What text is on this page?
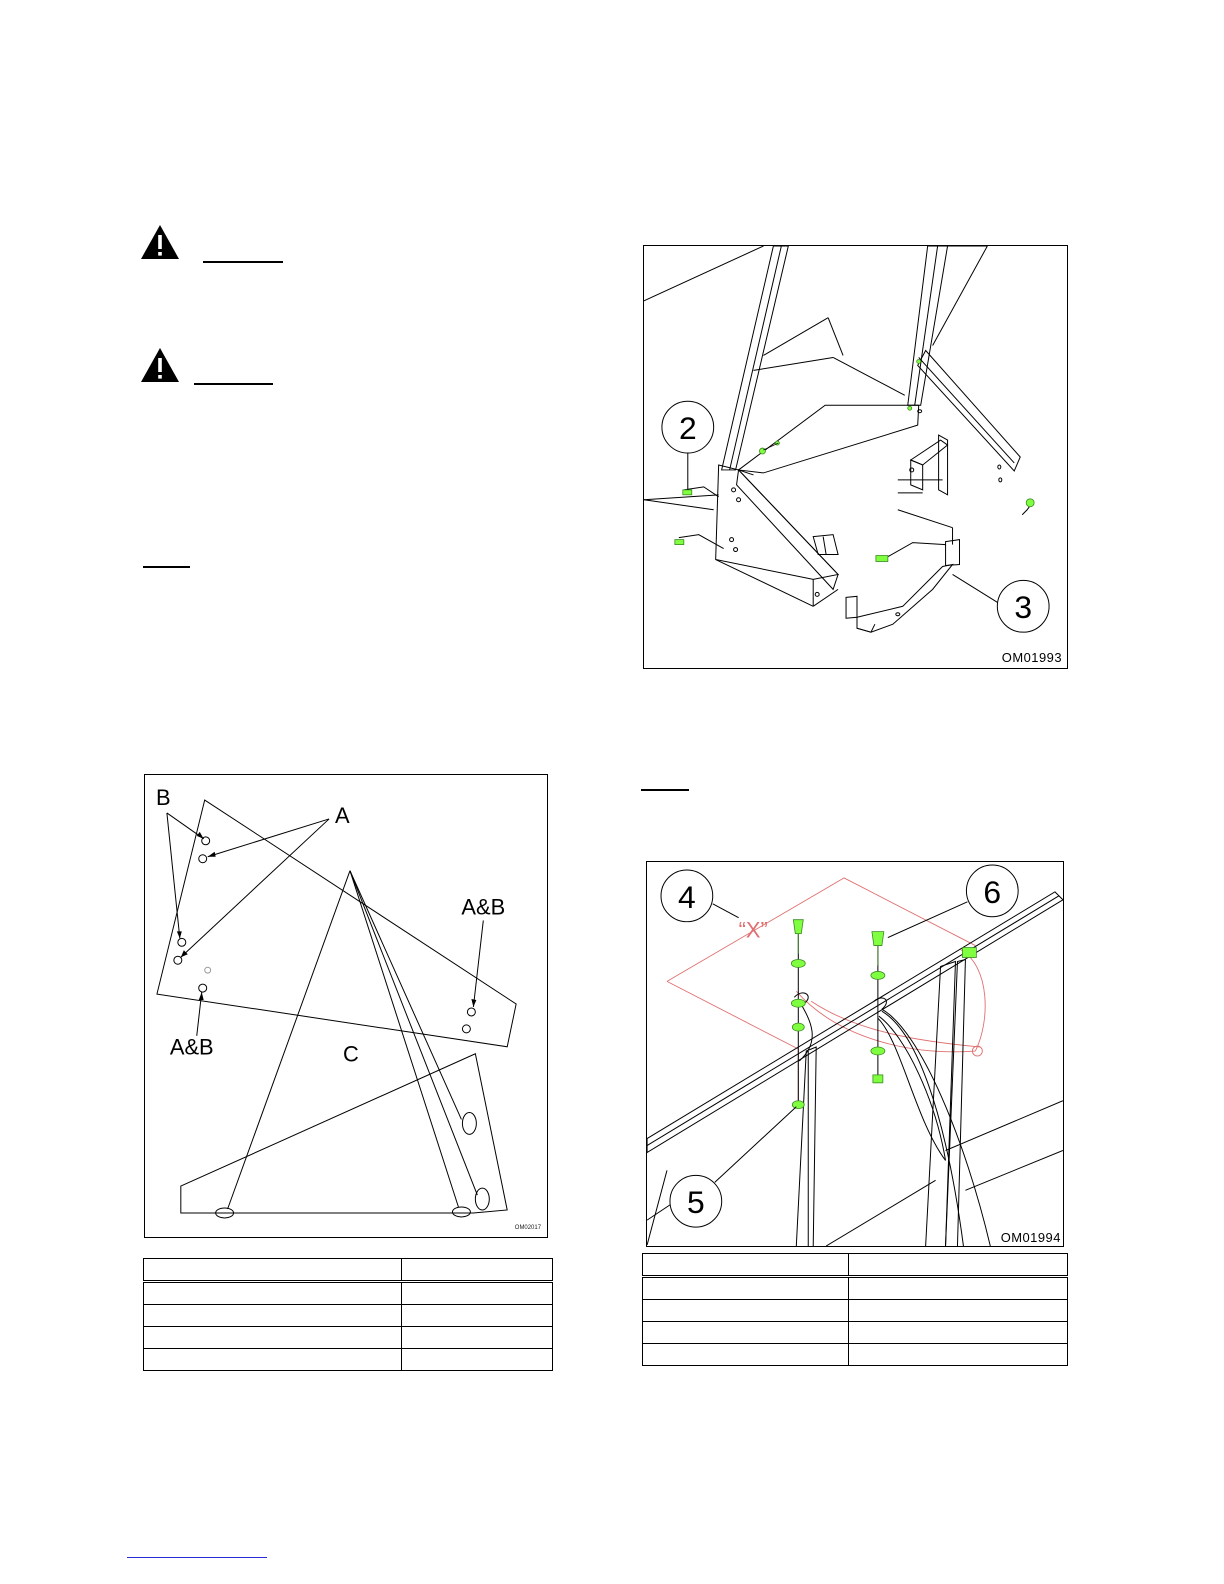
2
3
OM01993
B
A
A&B
A&B	C
OM02017

4
“X”
6
5
OM01994
